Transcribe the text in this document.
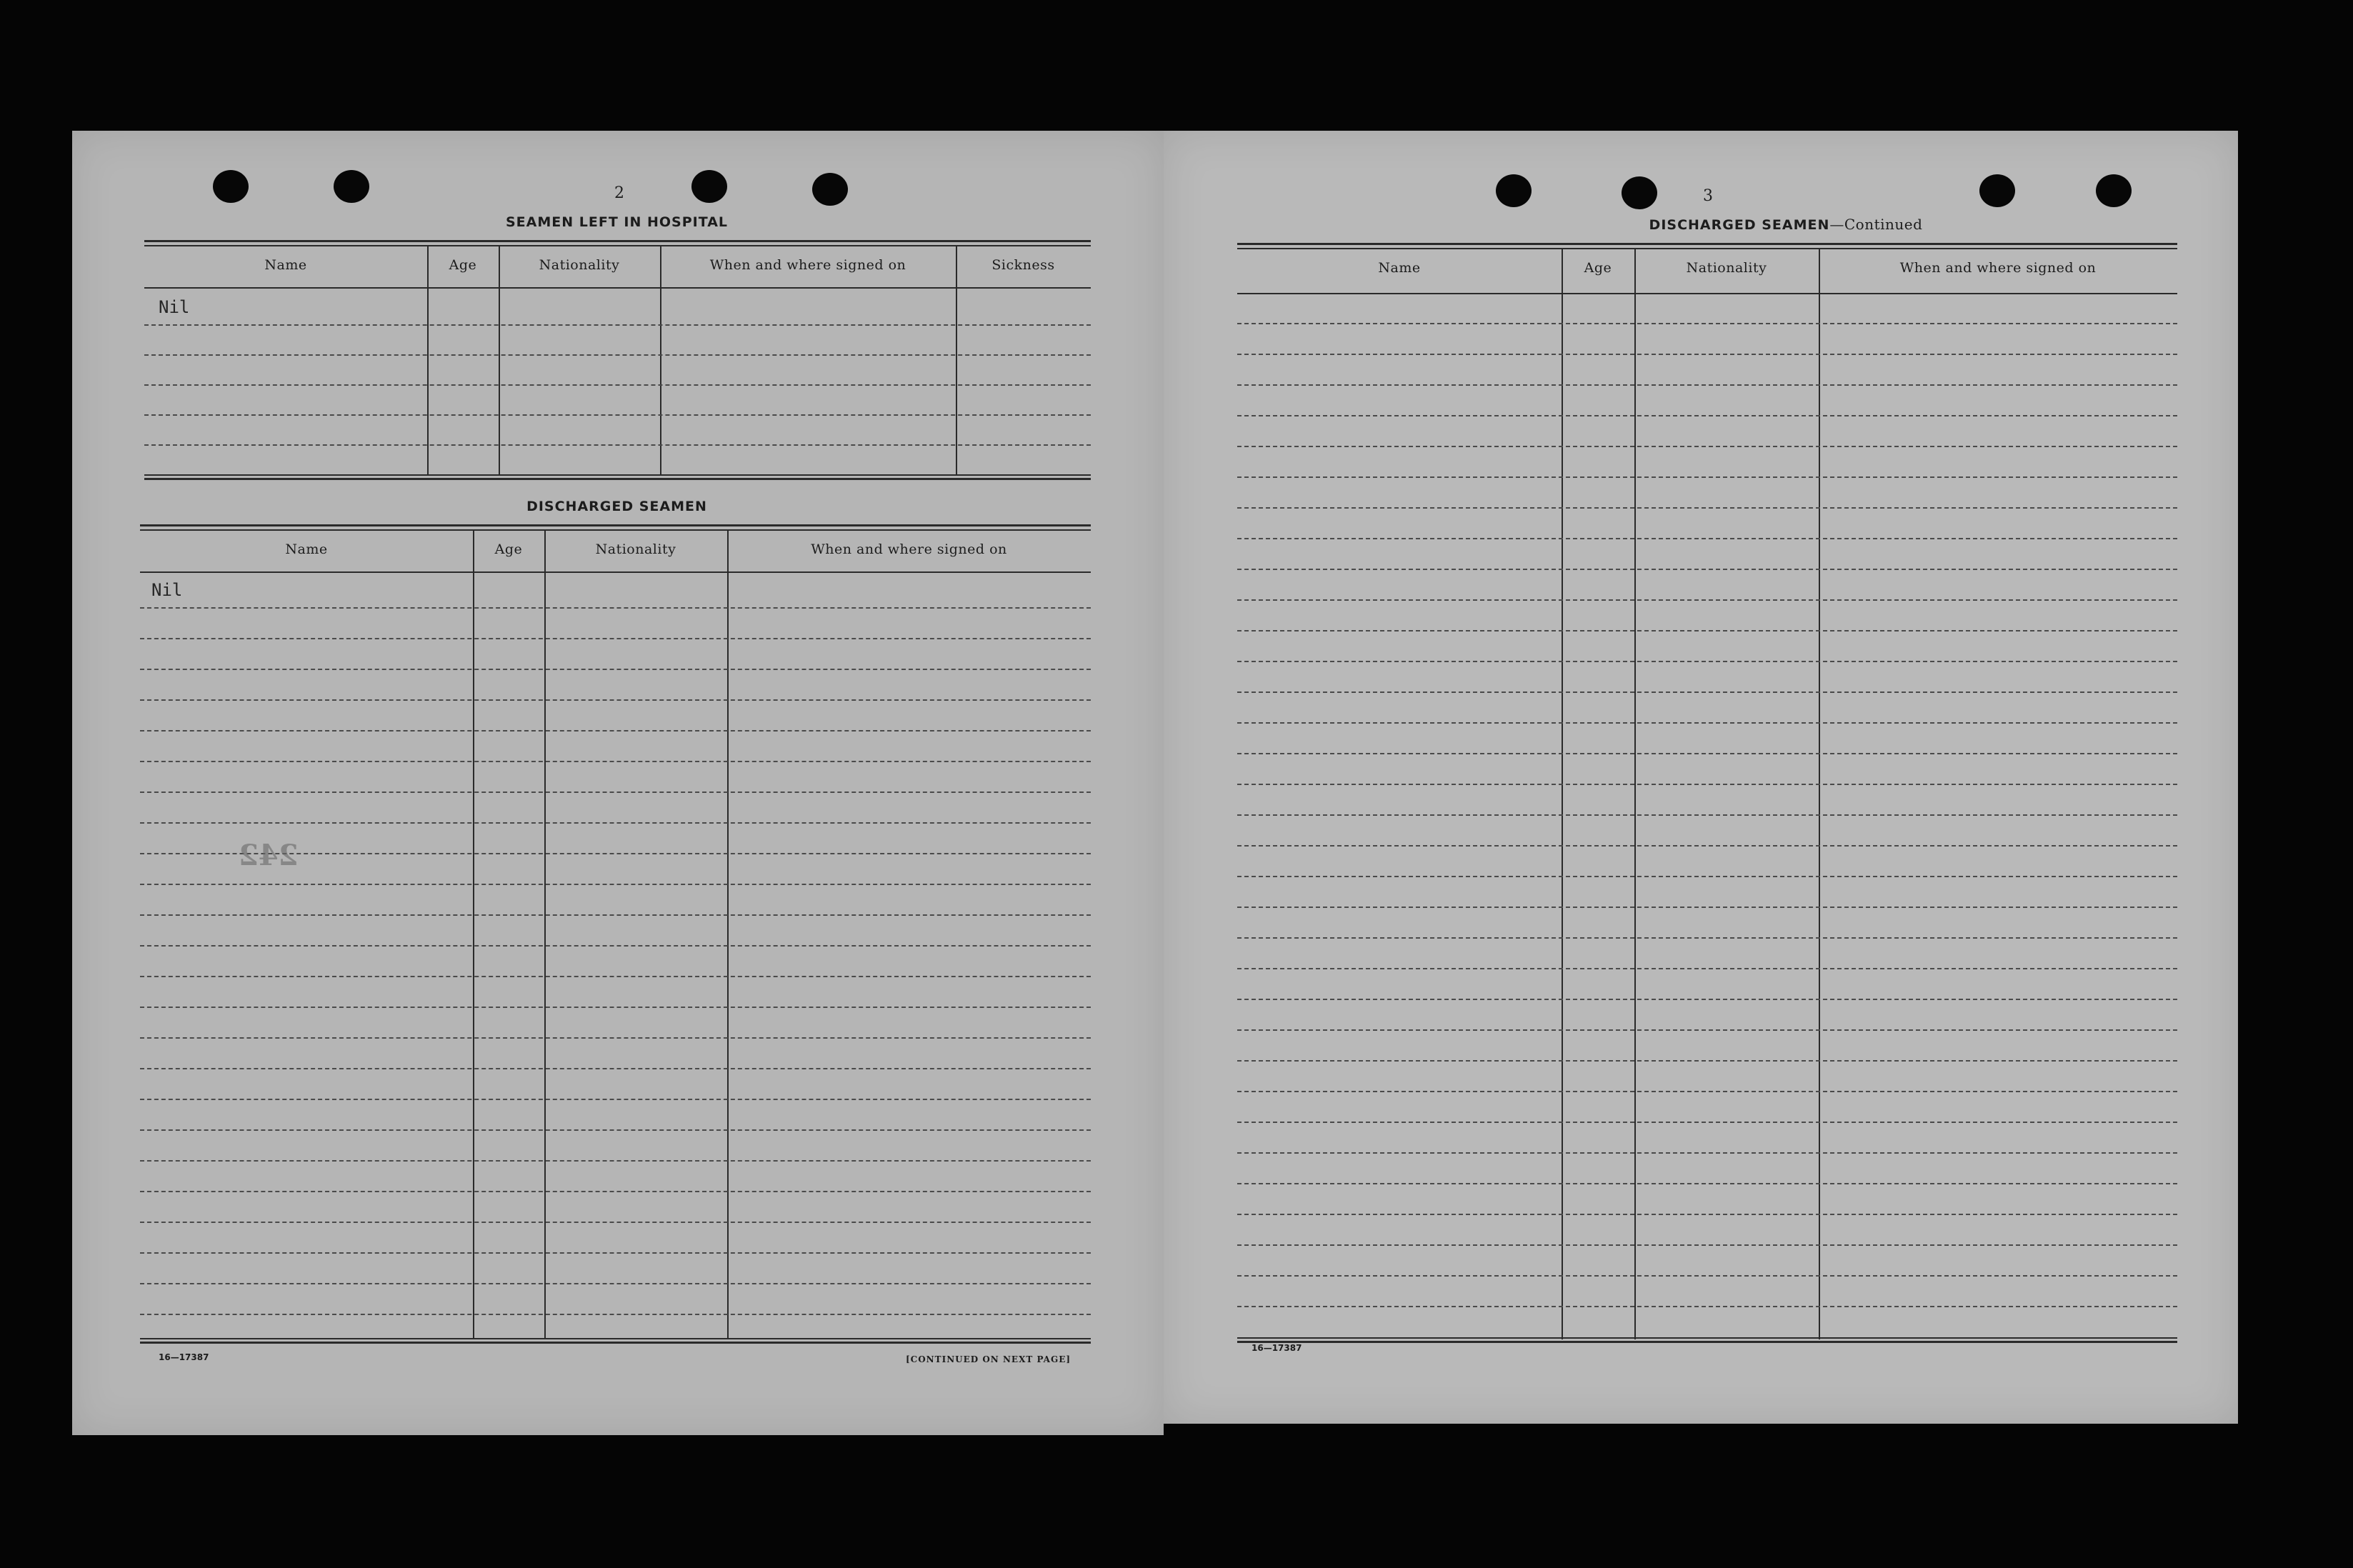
2
SEAMEN LEFT IN HOSPITAL
Name	Age	Nationality	When and where signed on	Sickness
Nil
DISCHARGED SEAMEN
Name	Age	Nationality	When and where signed on
Nil
242
16—17387	[CONTINUED ON NEXT PAGE]
3
DISCHARGED SEAMEN—Continued
Name	Age	Nationality	When and where signed on
16—17387
